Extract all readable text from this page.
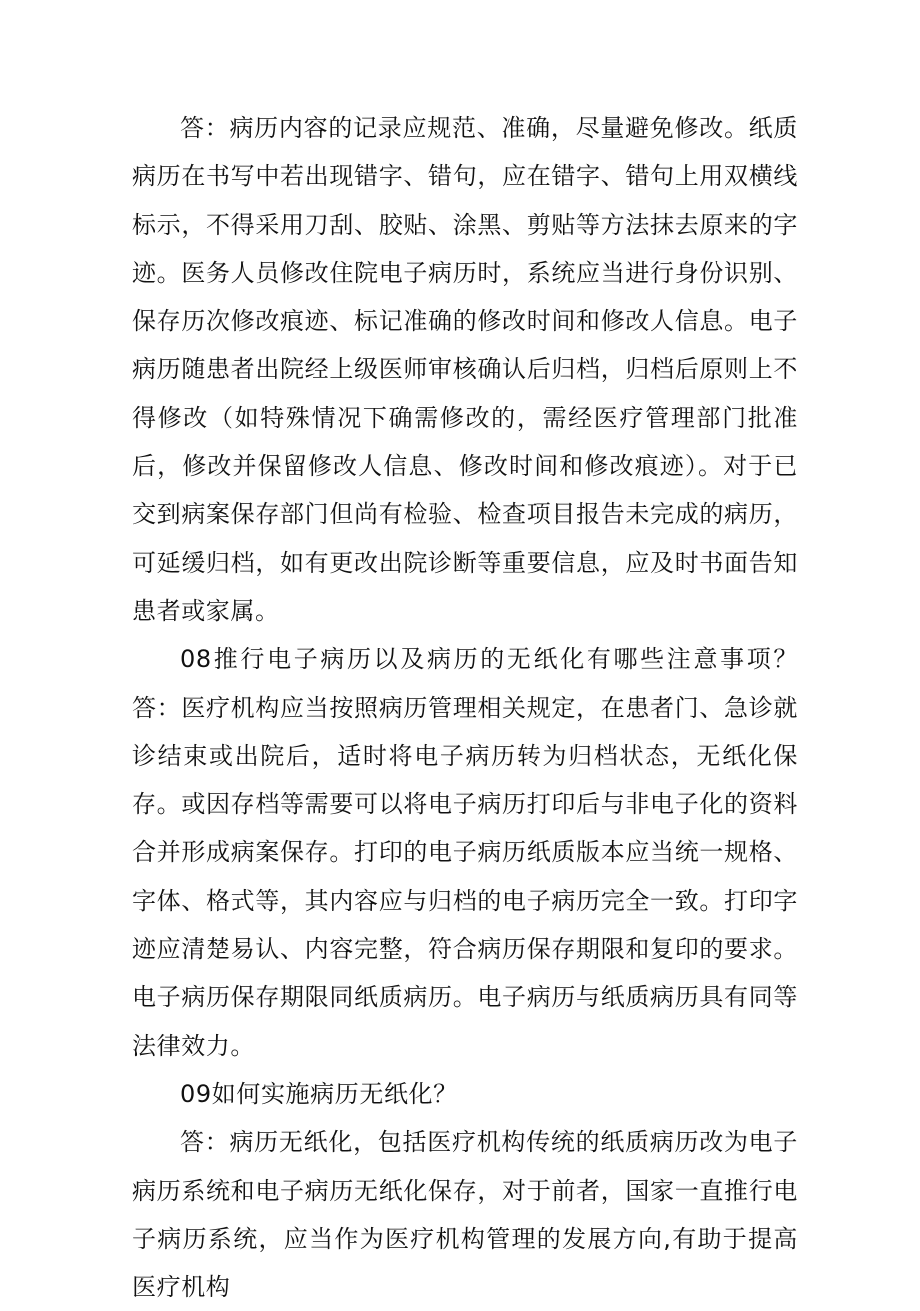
答：病历内容的记录应规范、准确，尽量避免修改。纸质病历在书写中若出现错字、错句，应在错字、错句上用双横线标示，不得采用刀刮、胶贴、涂黑、剪贴等方法抹去原来的字迹。医务人员修改住院电子病历时，系统应当进行身份识别、保存历次修改痕迹、标记准确的修改时间和修改人信息。电子病历随患者出院经上级医师审核确认后归档，归档后原则上不得修改（如特殊情况下确需修改的，需经医疗管理部门批准后，修改并保留修改人信息、修改时间和修改痕迹）。对于已交到病案保存部门但尚有检验、检查项目报告未完成的病历，可延缓归档，如有更改出院诊断等重要信息，应及时书面告知患者或家属。

08推行电子病历以及病历的无纸化有哪些注意事项？答：医疗机构应当按照病历管理相关规定，在患者门、急诊就诊结束或出院后，适时将电子病历转为归档状态，无纸化保存。或因存档等需要可以将电子病历打印后与非电子化的资料合并形成病案保存。打印的电子病历纸质版本应当统一规格、字体、格式等，其内容应与归档的电子病历完全一致。打印字迹应清楚易认、内容完整，符合病历保存期限和复印的要求。电子病历保存期限同纸质病历。电子病历与纸质病历具有同等法律效力。

09如何实施病历无纸化？

答：病历无纸化，包括医疗机构传统的纸质病历改为电子病历系统和电子病历无纸化保存，对于前者，国家一直推行电子病历系统，应当作为医疗机构管理的发展方向,有助于提高医疗机构
